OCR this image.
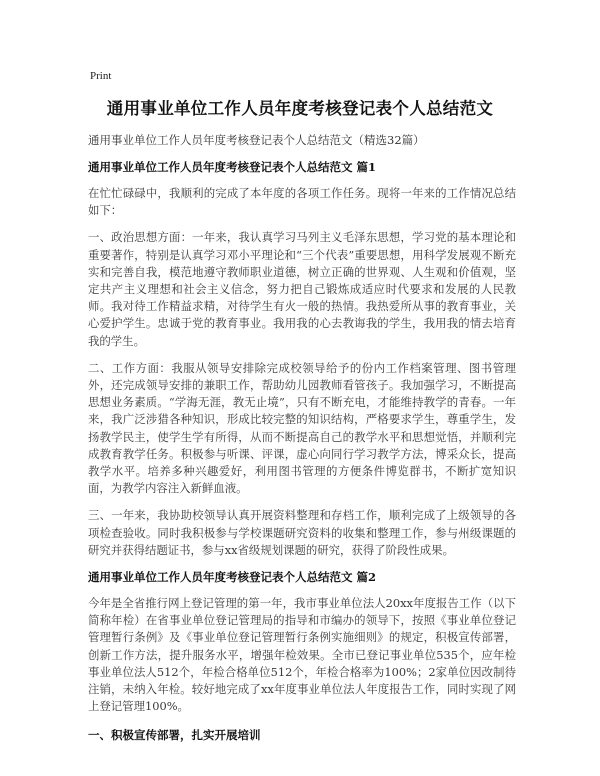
Print
通用事业单位工作人员年度考核登记表个人总结范文
通用事业单位工作人员年度考核登记表个人总结范文（精选32篇）
通用事业单位工作人员年度考核登记表个人总结范文 篇1

在忙忙碌碌中，我顺利的完成了本年度的各项工作任务。现将一年来的工作情况总结如下：

一、政治思想方面：一年来，我认真学习马列主义毛泽东思想，学习党的基本理论和重要著作，特别是认真学习邓小平理论和“三个代表”重要思想，用科学发展观不断充实和完善自我，模范地遵守教师职业道德，树立正确的世界观、人生观和价值观，坚定共产主义理想和社会主义信念，努力把自己锻炼成适应时代要求和发展的人民教师。我对待工作精益求精，对待学生有火一般的热情。我热爱所从事的教育事业，关心爱护学生。忠诚于党的教育事业。我用我的心去教诲我的学生，我用我的情去培育我的学生。

二、工作方面：我服从领导安排除完成校领导给予的份内工作档案管理、图书管理外，还完成领导安排的兼职工作，帮助幼儿园教师看管孩子。我加强学习，不断提高思想业务素质。“学海无涯，教无止境”，只有不断充电，才能维持教学的青春。一年来，我广泛涉猎各种知识，形成比较完整的知识结构，严格要求学生，尊重学生，发扬教学民主，使学生学有所得，从而不断提高自己的教学水平和思想觉悟，并顺利完成教育教学任务。积极参与听课、评课，虚心向同行学习教学方法，博采众长，提高教学水平。培养多种兴趣爱好，利用图书管理的方便条件博览群书，不断扩宽知识面，为教学内容注入新鲜血液。

三、一年来，我协助校领导认真开展资料整理和存档工作，顺利完成了上级领导的各项检查验收。同时我积极参与学校课题研究资料的收集和整理工作，参与州级课题的研究并获得结题证书，参与xx省级规划课题的研究，获得了阶段性成果。

通用事业单位工作人员年度考核登记表个人总结范文 篇2

今年是全省推行网上登记管理的第一年，我市事业单位法人20xx年度报告工作（以下简称年检）在省事业单位登记管理局的指导和市编办的领导下，按照《事业单位登记管理暂行条例》及《事业单位登记管理暂行条例实施细则》的规定，积极宣传部署，创新工作方法，提升服务水平，增强年检效果。全市已登记事业单位535个，应年检事业单位法人512个，年检合格单位512个，年检合格率为100%；2家单位因改制待注销，未纳入年检。较好地完成了xx年度事业单位法人年度报告工作，同时实现了网上登记管理100%。

一、积极宣传部署，扎实开展培训
